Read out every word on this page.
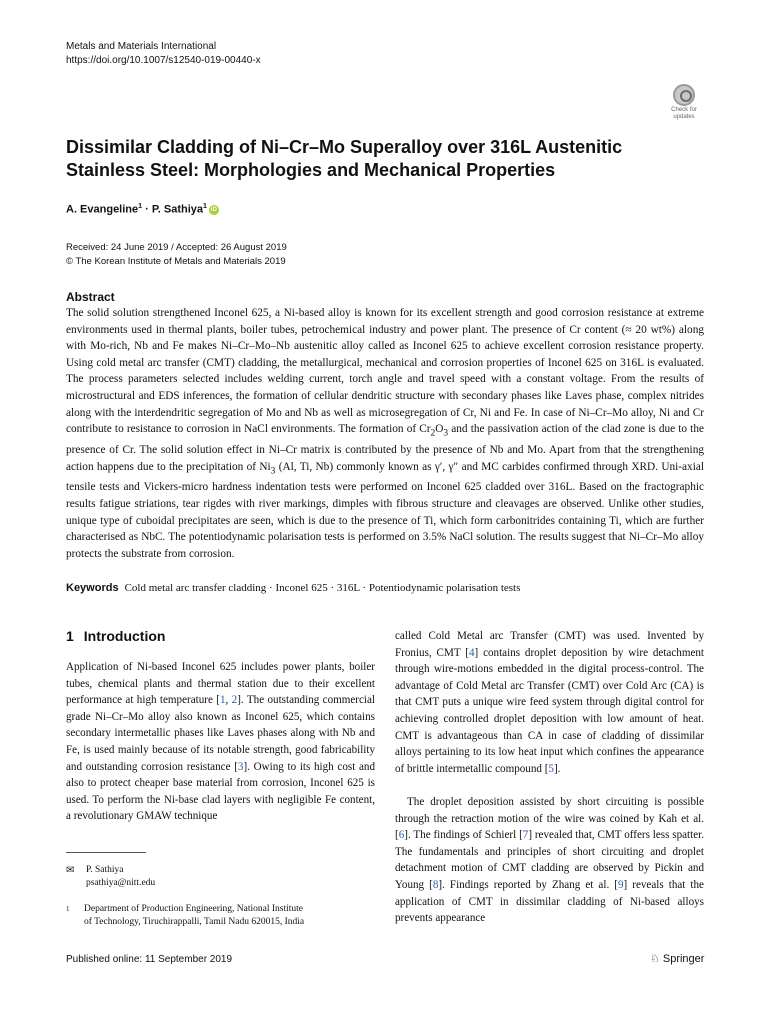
Metals and Materials International
https://doi.org/10.1007/s12540-019-00440-x
Check for
updates
Dissimilar Cladding of Ni–Cr–Mo Superalloy over 316L Austenitic
Stainless Steel: Morphologies and Mechanical Properties
A. Evangeline$^1$ · P. Sathiya$^1$ iD
Received: 24 June 2019 / Accepted: 26 August 2019
© The Korean Institute of Metals and Materials 2019
Abstract

The solid solution strengthened Inconel 625, a Ni-based alloy is known for its excellent strength and good corrosion resistance at extreme environments used in thermal plants, boiler tubes, petrochemical industry and power plant. The presence of Cr content (≈ 20 wt%) along with Mo-rich, Nb and Fe makes Ni–Cr–Mo–Nb austenitic alloy called as Inconel 625 to achieve excellent corrosion resistance property. Using cold metal arc transfer (CMT) cladding, the metallurgical, mechanical and corrosion properties of Inconel 625 on 316L is evaluated. The process parameters selected includes welding current, torch angle and travel speed with a constant voltage. From the results of microstructural and EDS inferences, the formation of cellular dendritic structure with secondary phases like Laves phase, complex nitrides along with the interdendritic segregation of Mo and Nb as well as microsegregation of Cr, Ni and Fe. In case of Ni–Cr–Mo alloy, Ni and Cr contribute to resistance to corrosion in NaCl environments. The formation of $Cr_2O_3$ and the passivation action of the clad zone is due to the presence of Cr. The solid solution effect in Ni–Cr matrix is contributed by the presence of Nb and Mo. Apart from that the strengthening action happens due to the precipitation of $Ni_3$ (Al, Ti, Nb) commonly known as γ′, γ″ and MC carbides confirmed through XRD. Uni-axial tensile tests and Vickers-micro hardness indentation tests were performed on Inconel 625 cladded over 316L. Based on the fractographic results fatigue striations, tear rigdes with river markings, dimples with fibrous structure and cleavages are observed. Unlike other studies, unique type of cuboidal precipitates are seen, which is due to the presence of Ti, which form carbonitrides containing Ti, which are further characterised as NbC. The potentiodynamic polarisation tests is performed on 3.5% NaCl solution. The results suggest that Ni–Cr–Mo alloy protects the substrate from corrosion.

Keywords Cold metal arc transfer cladding · Inconel 625 · 316L · Potentiodynamic polarisation tests
1 Introduction

Application of Ni-based Inconel 625 includes power plants, boiler tubes, chemical plants and thermal station due to their excellent performance at high temperature [1, 2]. The outstanding commercial grade Ni–Cr–Mo alloy also known as Inconel 625, which contains secondary intermetallic phases like Laves phases along with Nb and Fe, is used mainly because of its notable strength, good fabricability and outstanding corrosion resistance [3]. Owing to its high cost and also to protect cheaper base material from corrosion, Inconel 625 is used. To perform the Ni-base clad layers with negligible Fe content, a revolutionary GMAW technique

called Cold Metal arc Transfer (CMT) was used. Invented by Fronius, CMT [4] contains droplet deposition by wire detachment through wire-motions embedded in the digital process-control. The advantage of Cold Metal arc Transfer (CMT) over Cold Arc (CA) is that CMT puts a unique wire feed system through digital control for achieving controlled droplet deposition with low amount of heat. CMT is advantageous than CA in case of cladding of dissimilar alloys pertaining to its low heat input which confines the appearance of brittle intermetallic compound [5].

The droplet deposition assisted by short circuiting is possible through the retraction motion of the wire was coined by Kah et al. [6]. The findings of Schierl [7] revealed that, CMT offers less spatter. The fundamentals and principles of short circuiting and droplet detachment motion of CMT cladding are observed by Pickin and Young [8]. Findings reported by Zhang et al. [9] reveals that the application of CMT in dissimilar cladding of Ni-based alloys prevents appearance

✉ P. Sathiya
psathiya@nitt.edu
1 Department of Production Engineering, National Institute
of Technology, Tiruchirappalli, Tamil Nadu 620015, India
Published online: 11 September 2019	♘ Springer
